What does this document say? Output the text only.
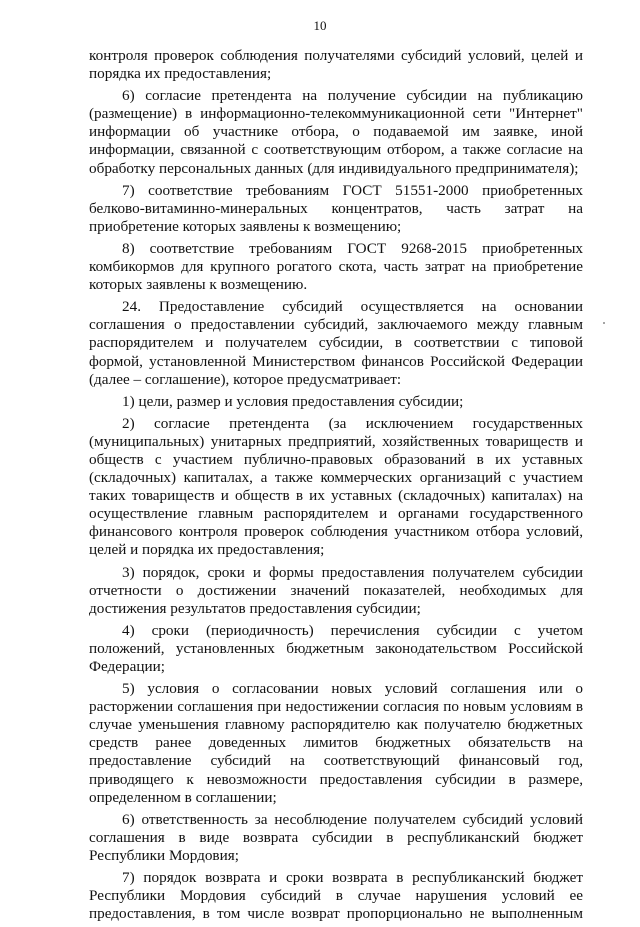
10

контроля проверок соблюдения получателями субсидий условий, целей и порядка их предоставления;

6) согласие претендента на получение субсидии на публикацию (размещение) в информационно-телекоммуникационной сети "Интернет" информации об участнике отбора, о подаваемой им заявке, иной информации, связанной с соответствующим отбором, а также согласие на обработку персональных данных (для индивидуального предпринимателя);

7) соответствие требованиям ГОСТ 51551-2000 приобретенных белково-витаминно-минеральных концентратов, часть затрат на приобретение которых заявлены к возмещению;

8) соответствие требованиям ГОСТ 9268-2015 приобретенных комбикормов для крупного рогатого скота, часть затрат на приобретение которых заявлены к возмещению.

24. Предоставление субсидий осуществляется на основании соглашения о предоставлении субсидий, заключаемого между главным распорядителем и получателем субсидии, в соответствии с типовой формой, установленной Министерством финансов Российской Федерации (далее – соглашение), которое предусматривает:

1) цели, размер и условия предоставления субсидии;

2) согласие претендента (за исключением государственных (муниципальных) унитарных предприятий, хозяйственных товариществ и обществ с участием публично-правовых образований в их уставных (складочных) капиталах, а также коммерческих организаций с участием таких товариществ и обществ в их уставных (складочных) капиталах) на осуществление главным распорядителем и органами государственного финансового контроля проверок соблюдения участником отбора условий, целей и порядка их предоставления;

3) порядок, сроки и формы предоставления получателем субсидии отчетности о достижении значений показателей, необходимых для достижения результатов предоставления субсидии;

4) сроки (периодичность) перечисления субсидии с учетом положений, установленных бюджетным законодательством Российской Федерации;

5) условия о согласовании новых условий соглашения или о расторжении соглашения при недостижении согласия по новым условиям в случае уменьшения главному распорядителю как получателю бюджетных средств ранее доведенных лимитов бюджетных обязательств на предоставление субсидий на соответствующий финансовый год, приводящего к невозможности предоставления субсидии в размере, определенном в соглашении;

6) ответственность за несоблюдение получателем субсидий условий соглашения в виде возврата субсидии в республиканский бюджет Республики Мордовия;

7) порядок возврата и сроки возврата в республиканский бюджет Республики Мордовия субсидий в случае нарушения условий ее предоставления, в том числе возврат пропорционально не выполненным
